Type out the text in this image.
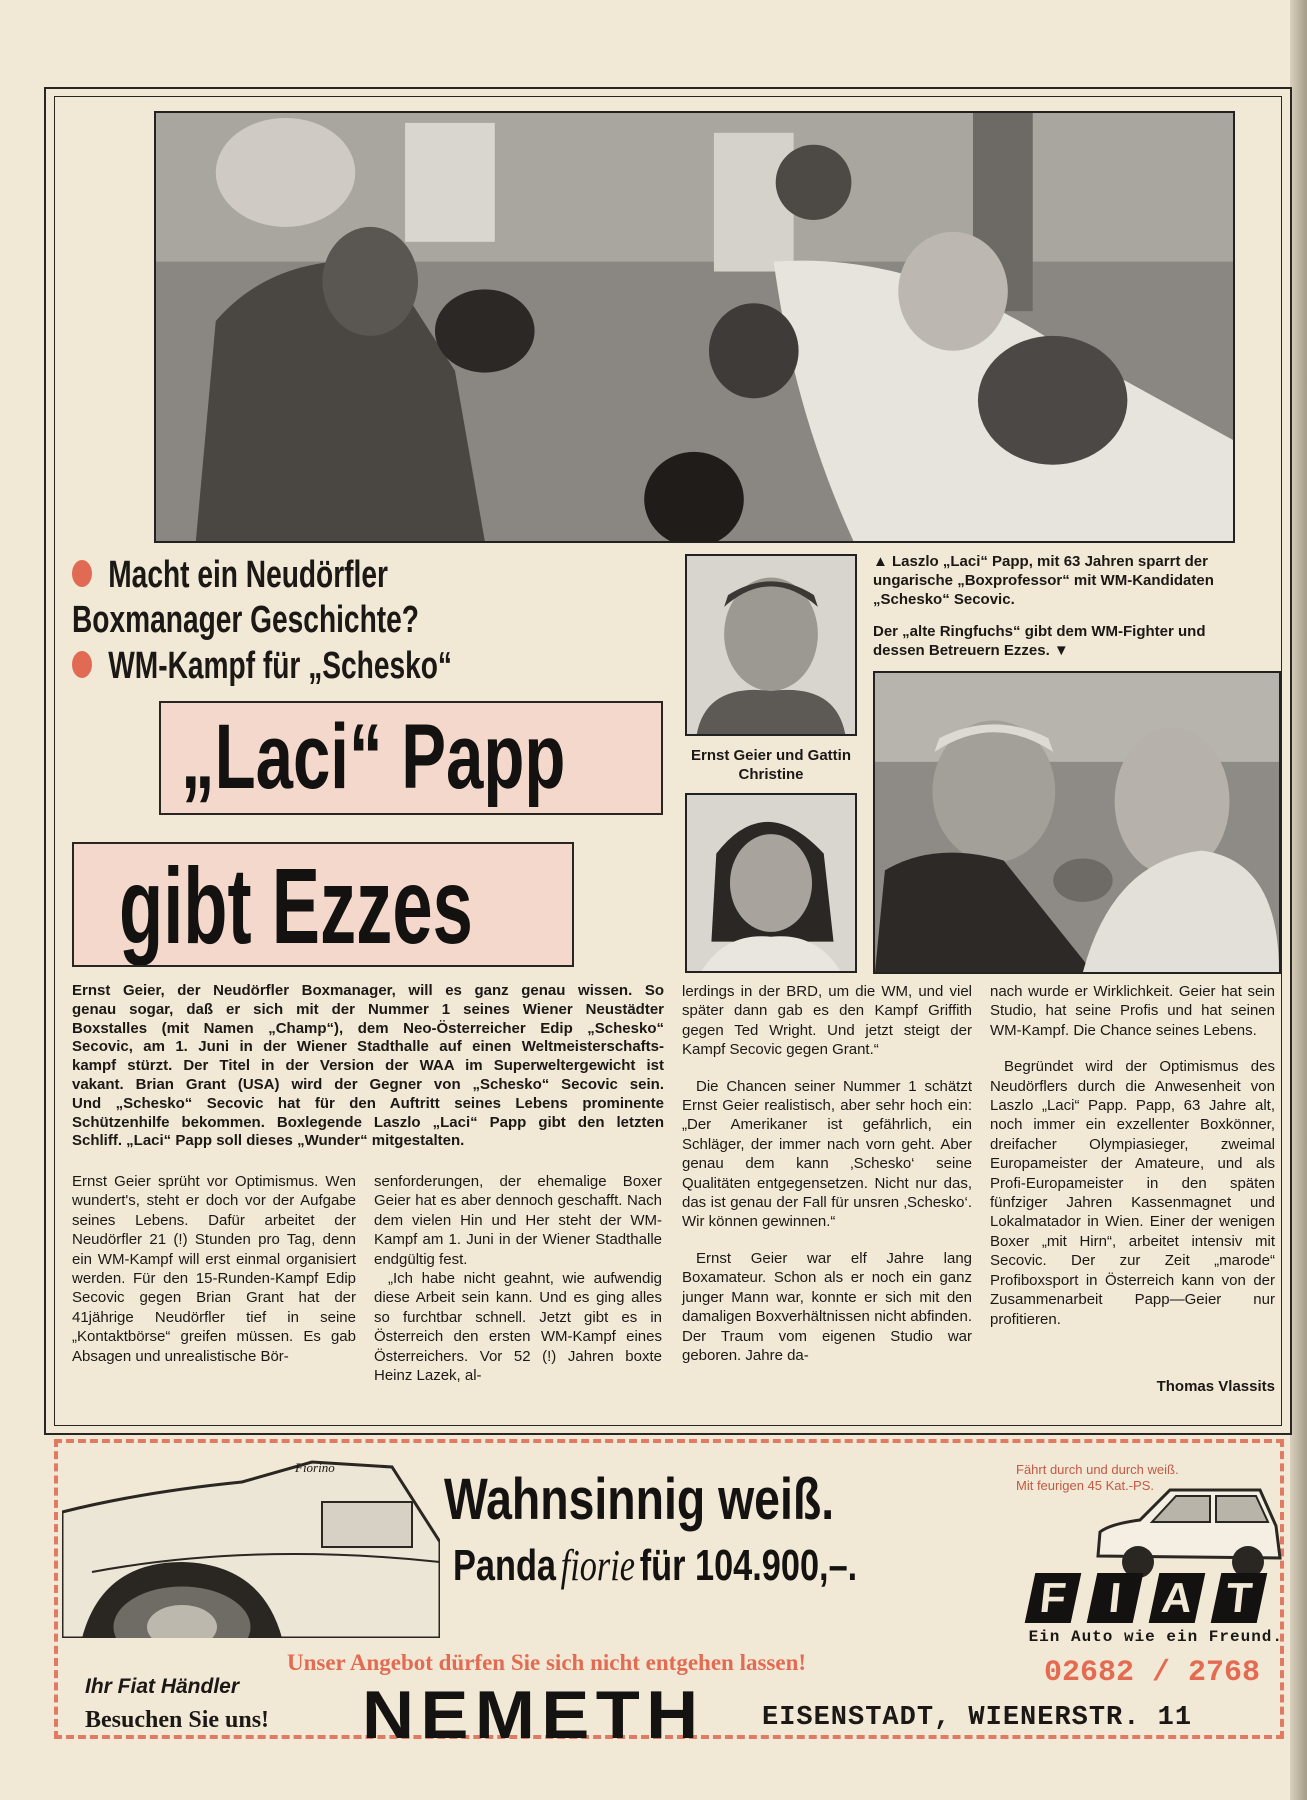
Macht ein Neudörfler
Boxmanager Geschichte?
WM-Kampf für „Schesko“
„Laci“ Papp
gibt Ezzes
Ernst Geier und Gattin Christine
▲ Laszlo „Laci“ Papp, mit 63 Jahren sparrt der ungarische „Boxprofessor“ mit WM-Kandidaten „Schesko“ Secovic.
Der „alte Ringfuchs“ gibt dem WM-Fighter und dessen Betreuern Ezzes. ▼
Ernst Geier, der Neudörfler Boxmanager, will es ganz genau wissen. So
genau sogar, daß er sich mit der Nummer 1 seines Wiener Neustädter
Boxstalles (mit Namen „Champ“), dem Neo-Österreicher Edip „Schesko“
Secovic, am 1. Juni in der Wiener Stadthalle auf einen Weltmeisterschafts-
kampf stürzt. Der Titel in der Version der WAA im Superweltergewicht ist
vakant. Brian Grant (USA) wird der Gegner von „Schesko“ Secovic sein.
Und „Schesko“ Secovic hat für den Auftritt seines Lebens prominente
Schützenhilfe bekommen. Boxlegende Laszlo „Laci“ Papp gibt den letzten
Schliff. „Laci“ Papp soll dieses „Wunder“ mitgestalten.

Ernst Geier sprüht vor Optimismus. Wen wundert's, steht er doch vor der Aufgabe seines Lebens. Dafür arbeitet der Neudörfler 21 (!) Stunden pro Tag, denn ein WM-Kampf will erst einmal organisiert werden. Für den 15-Runden-Kampf Edip Secovic gegen Brian Grant hat der 41jährige Neudörfler tief in seine „Kontaktbörse“ greifen müssen. Es gab Absagen und unrealistische Bör-

senforderungen, der ehemalige Boxer Geier hat es aber dennoch geschafft. Nach dem vielen Hin und Her steht der WM-Kampf am 1. Juni in der Wiener Stadthalle endgültig fest.

„Ich habe nicht geahnt, wie aufwendig diese Arbeit sein kann. Und es ging alles so furchtbar schnell. Jetzt gibt es in Österreich den ersten WM-Kampf eines Österreichers. Vor 52 (!) Jahren boxte Heinz Lazek, al-

lerdings in der BRD, um die WM, und viel später dann gab es den Kampf Griffith gegen Ted Wright. Und jetzt steigt der Kampf Secovic gegen Grant.“

Die Chancen seiner Nummer 1 schätzt Ernst Geier realistisch, aber sehr hoch ein: „Der Amerikaner ist gefährlich, ein Schläger, der immer nach vorn geht. Aber genau dem kann ‚Schesko‘ seine Qualitäten entgegensetzen. Nicht nur das, das ist genau der Fall für unsren ‚Schesko‘. Wir können gewinnen.“

Ernst Geier war elf Jahre lang Boxamateur. Schon als er noch ein ganz junger Mann war, konnte er sich mit den damaligen Boxverhältnissen nicht abfinden. Der Traum vom eigenen Studio war geboren. Jahre da-

nach wurde er Wirklichkeit. Geier hat sein Studio, hat seine Profis und hat seinen WM-Kampf. Die Chance seines Lebens.

Begründet wird der Optimismus des Neudörflers durch die Anwesenheit von Laszlo „Laci“ Papp. Papp, 63 Jahre alt, noch immer ein exzellenter Boxkönner, dreifacher Olympiasieger, zweimal Europameister der Amateure, und als Profi-Europameister in den späten fünfziger Jahren Kassenmagnet und Lokalmatador in Wien. Einer der wenigen Boxer „mit Hirn“, arbeitet intensiv mit Secovic. Der zur Zeit „marode“ Profiboxsport in Österreich kann von der Zusammenarbeit Papp—Geier nur profitieren.

Thomas Vlassits
Fiorino Wahnsinnig weiß.
Panda fiorie für 104.900,–.
Fährt durch und durch weiß. Mit feurigen 45 Kat.-PS.
F I A T
Ein Auto wie ein Freund.
Unser Angebot dürfen Sie sich nicht entgehen lassen!	02682 / 2768
Ihr Fiat Händler
Besuchen Sie uns! NEMETH EISENSTADT, WIENERSTR. 11
